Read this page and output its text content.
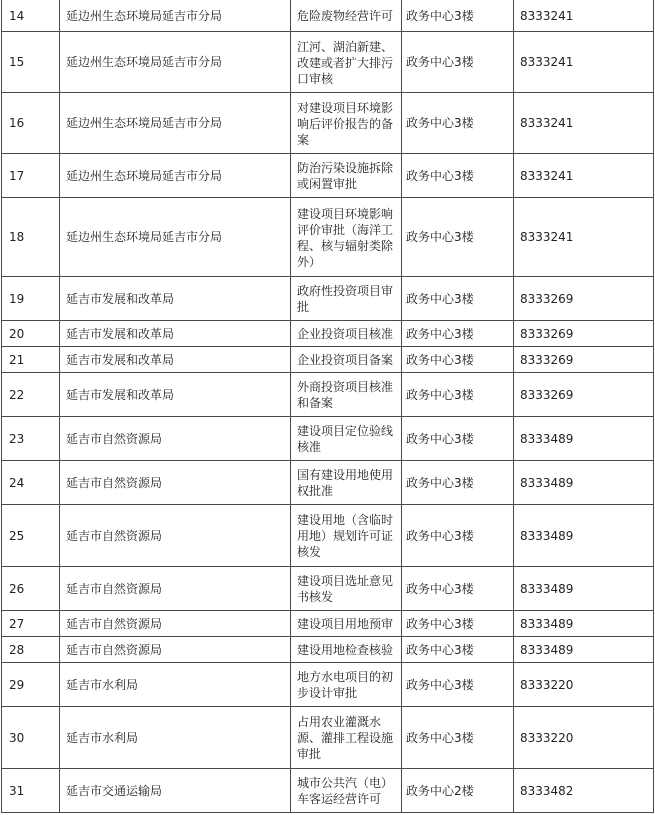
14	延边州生态环境局延吉市分局	危险废物经营许可	政务中心3楼	8333241
15	延边州生态环境局延吉市分局	江河、湖泊新建、改建或者扩大排污口审核	政务中心3楼	8333241
16	延边州生态环境局延吉市分局	对建设项目环境影响后评价报告的备案	政务中心3楼	8333241
17	延边州生态环境局延吉市分局	防治污染设施拆除或闲置审批	政务中心3楼	8333241
18	延边州生态环境局延吉市分局	建设项目环境影响评价审批（海洋工程、核与辐射类除外）	政务中心3楼	8333241
19	延吉市发展和改革局	政府性投资项目审批	政务中心3楼	8333269
20	延吉市发展和改革局	企业投资项目核准	政务中心3楼	8333269
21	延吉市发展和改革局	企业投资项目备案	政务中心3楼	8333269
22	延吉市发展和改革局	外商投资项目核准和备案	政务中心3楼	8333269
23	延吉市自然资源局	建设项目定位验线核准	政务中心3楼	8333489
24	延吉市自然资源局	国有建设用地使用权批准	政务中心3楼	8333489
25	延吉市自然资源局	建设用地（含临时用地）规划许可证核发	政务中心3楼	8333489
26	延吉市自然资源局	建设项目选址意见书核发	政务中心3楼	8333489
27	延吉市自然资源局	建设项目用地预审	政务中心3楼	8333489
28	延吉市自然资源局	建设用地检查核验	政务中心3楼	8333489
29	延吉市水利局	地方水电项目的初步设计审批	政务中心3楼	8333220
30	延吉市水利局	占用农业灌溉水源、灌排工程设施审批	政务中心3楼	8333220
31	延吉市交通运输局	城市公共汽（电）车客运经营许可	政务中心2楼	8333482
